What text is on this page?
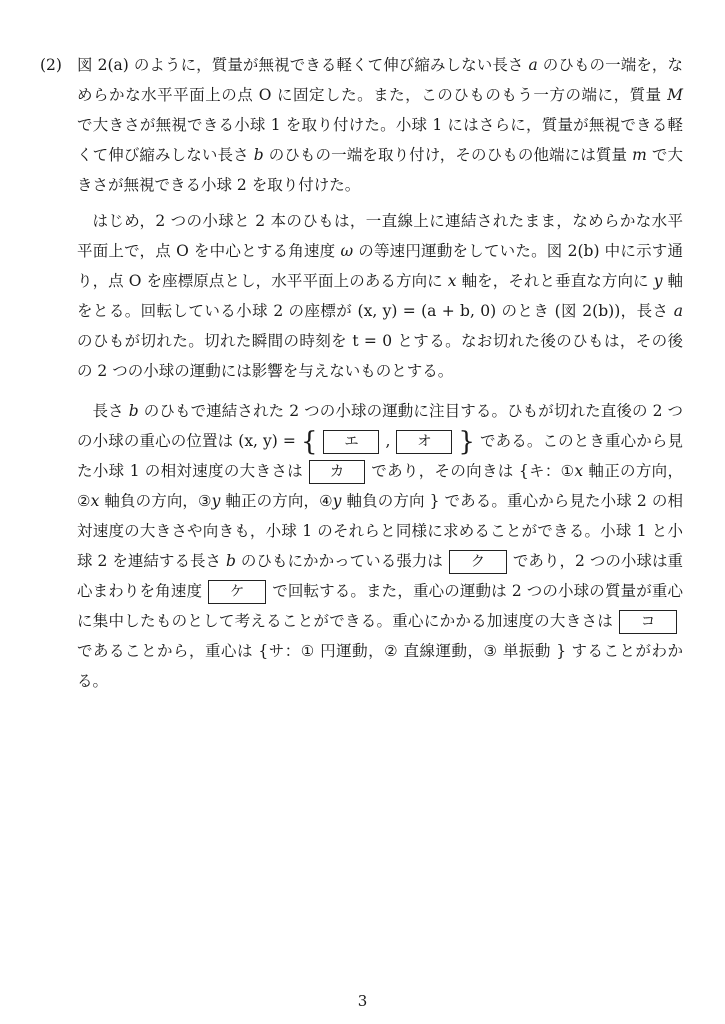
(2) 図 2(a) のように，質量が無視できる軽くて伸び縮みしない長さ a のひもの一端を，なめらかな水平平面上の点 O に固定した。また，このひものもう一方の端に，質量 M で大きさが無視できる小球 1 を取り付けた。小球 1 にはさらに，質量が無視できる軽くて伸び縮みしない長さ b のひもの一端を取り付け，そのひもの他端には質量 m で大きさが無視できる小球 2 を取り付けた。

はじめ，2 つの小球と 2 本のひもは，一直線上に連結されたまま，なめらかな水平平面上で，点 O を中心とする角速度 ω の等速円運動をしていた。図 2(b) 中に示す通り，点 O を座標原点とし，水平平面上のある方向に x 軸を，それと垂直な方向に y 軸をとる。回転している小球 2 の座標が (x, y) = (a + b, 0) のとき (図 2(b))，長さ a のひもが切れた。切れた瞬間の時刻を t = 0 とする。なお切れた後のひもは，その後の 2 つの小球の運動には影響を与えないものとする。

長さ b のひもで連結された 2 つの小球の運動に注目する。ひもが切れた直後の 2 つの小球の重心の位置は (x, y) = { エ , オ } である。このとき重心から見た小球 1 の相対速度の大きさは カ であり，その向きは {キ：①x 軸正の方向，②x 軸負の方向，③y 軸正の方向，④y 軸負の方向 } である。重心から見た小球 2 の相対速度の大きさや向きも，小球 1 のそれらと同様に求めることができる。小球 1 と小球 2 を連結する長さ b のひもにかかっている張力は ク であり，2 つの小球は重心まわりを角速度 ケ で回転する。また，重心の運動は 2 つの小球の質量が重心に集中したものとして考えることができる。重心にかかる加速度の大きさは コであることから，重心は {サ：① 円運動，② 直線運動，③ 単振動 } することがわかる。

3
